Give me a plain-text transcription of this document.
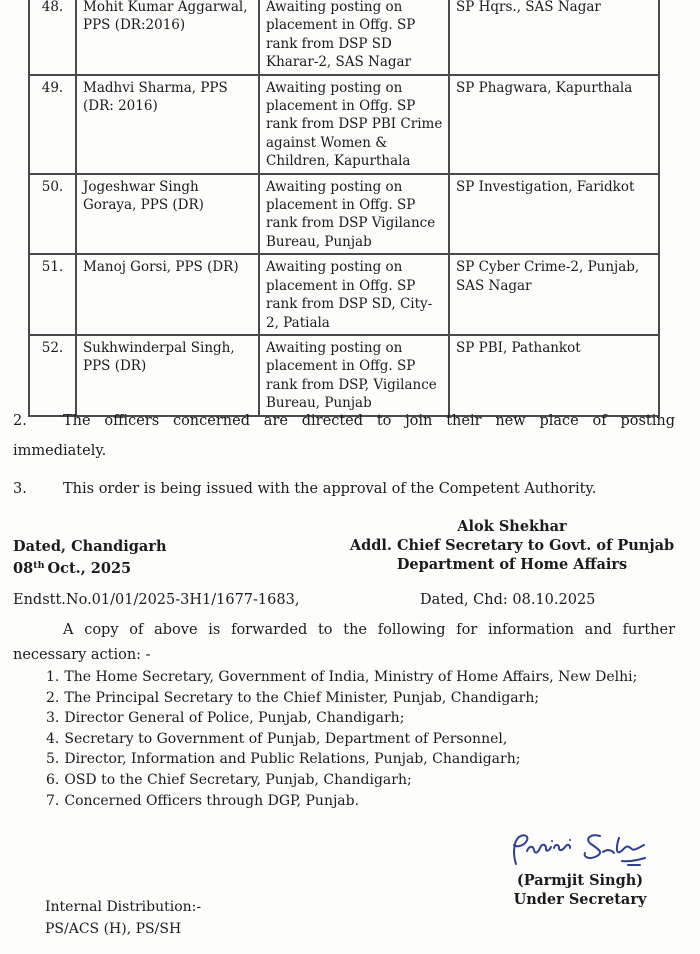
48.	Mohit Kumar Aggarwal, PPS (DR:2016)	Awaiting posting on placement in Offg. SP rank from DSP SD Kharar-2, SAS Nagar	SP Hqrs., SAS Nagar
49.	Madhvi Sharma, PPS (DR: 2016)	Awaiting posting on placement in Offg. SP rank from DSP PBI Crime against Women & Children, Kapurthala	SP Phagwara, Kapurthala
50.	Jogeshwar Singh Goraya, PPS (DR)	Awaiting posting on placement in Offg. SP rank from DSP Vigilance Bureau, Punjab	SP Investigation, Faridkot
51.	Manoj Gorsi, PPS (DR)	Awaiting posting on placement in Offg. SP rank from DSP SD, City-2, Patiala	SP Cyber Crime-2, Punjab, SAS Nagar
52.	Sukhwinderpal Singh, PPS (DR)	Awaiting posting on placement in Offg. SP rank from DSP, Vigilance Bureau, Punjab	SP PBI, Pathankot
2. The officers concerned are directed to join their new place of posting
immediately.
3. This order is being issued with the approval of the Competent Authority.
Alok Shekhar
Addl. Chief Secretary to Govt. of Punjab
Department of Home Affairs
Dated, Chandigarh
08th Oct., 2025
Endstt.No.01/01/2025-3H1/1677-1683,	Dated, Chd: 08.10.2025
A copy of above is forwarded to the following for information and further
necessary action: -
1. The Home Secretary, Government of India, Ministry of Home Affairs, New Delhi;
2. The Principal Secretary to the Chief Minister, Punjab, Chandigarh;
3. Director General of Police, Punjab, Chandigarh;
4. Secretary to Government of Punjab, Department of Personnel,
5. Director, Information and Public Relations, Punjab, Chandigarh;
6. OSD to the Chief Secretary, Punjab, Chandigarh;
7. Concerned Officers through DGP, Punjab.
(Parmjit Singh)
Under Secretary
Internal Distribution:-
PS/ACS (H), PS/SH
